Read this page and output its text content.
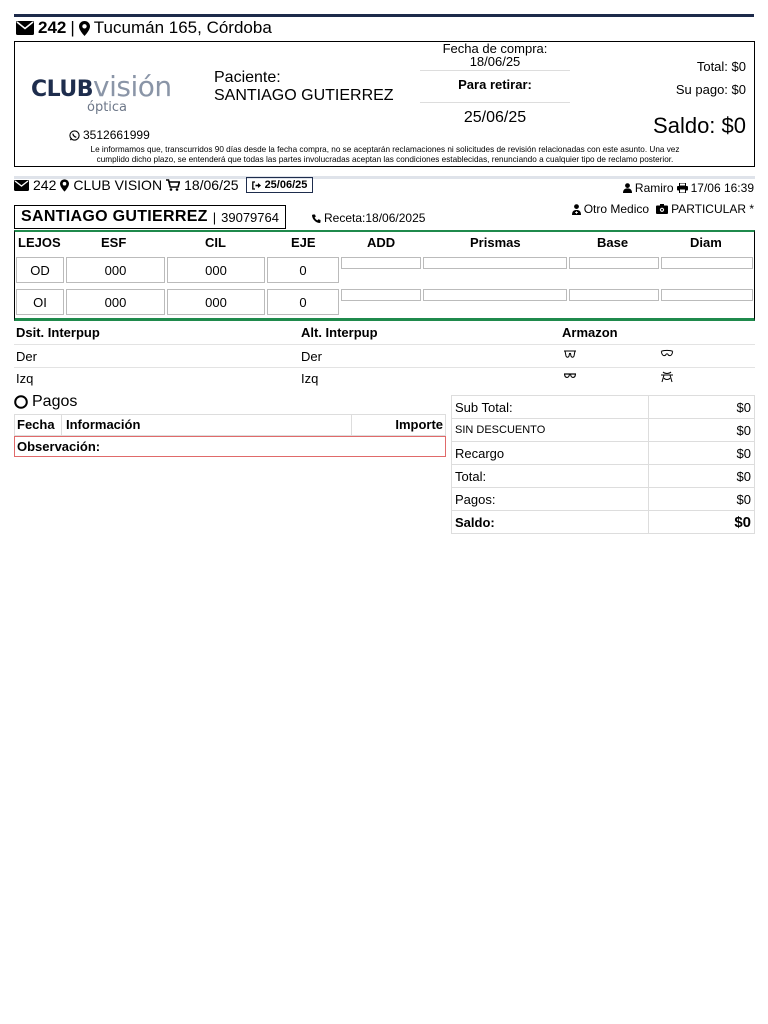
242 | Tucumán 165, Córdoba
CLUBvisión
óptica
3512661999
Paciente:
SANTIAGO GUTIERREZ
Fecha de compra:
18/06/25
Para retirar:
25/06/25
Total: $0
Su pago: $0
Saldo: $0
Le informamos que, transcurridos 90 días desde la fecha compra, no se aceptarán reclamaciones ni solicitudes de revisión relacionadas con este asunto. Una vez
cumplido dicho plazo, se entenderá que todas las partes involucradas aceptan las condiciones establecidas, renunciando a cualquier tipo de reclamo posterior.
242 CLUB VISION 18/06/25 25/06/25	Ramiro 17/06 16:39
SANTIAGO GUTIERREZ | 39079764	Receta:18/06/2025
Otro Medico PARTICULAR *
LEJOS	ESF	CIL	EJE	ADD	Prismas	Base	Diam
OD	000	000	0
OI	000	000	0
Dsit. Interpup	Alt. Interpup	Armazon
Der	Der
Izq	Izq
Pagos
Fecha Información	Importe
Observación:
Sub Total:	$0
SIN DESCUENTO	$0
Recargo	$0
Total:	$0
Pagos:	$0
Saldo:	$0
